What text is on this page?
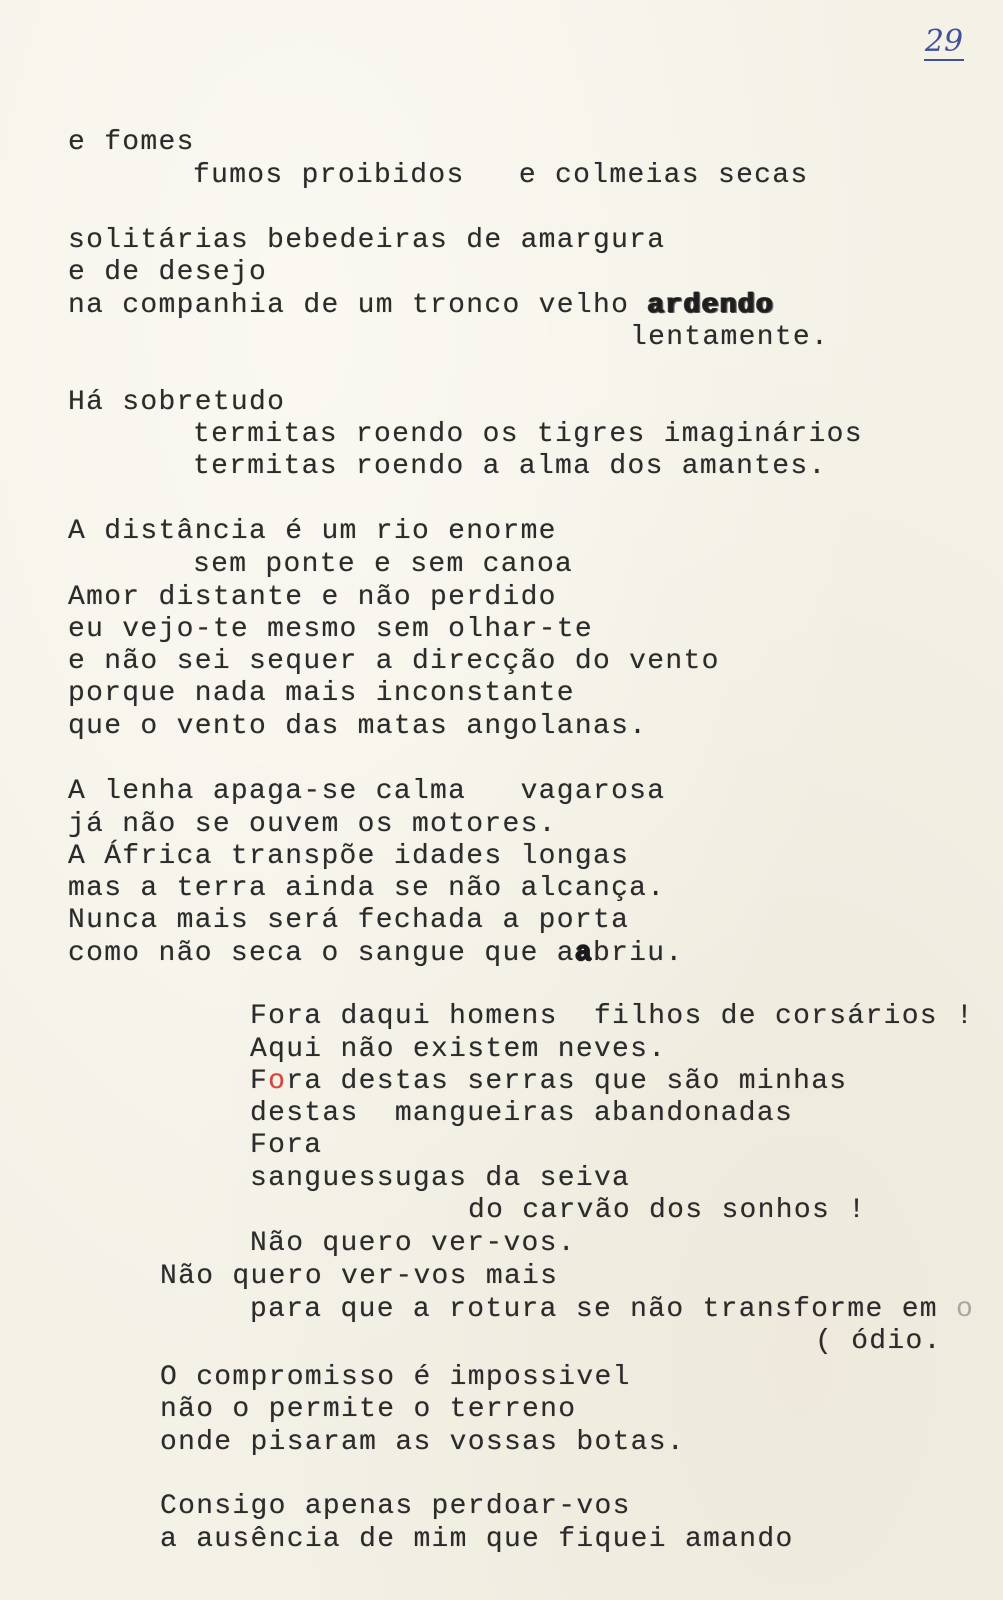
29
e fomes
fumos proibidos   e colmeias secas
solitárias bebedeiras de amargura
e de desejo
na companhia de um tronco velho ardendo
lentamente.
Há sobretudo
termitas roendo os tigres imaginários
termitas roendo a alma dos amantes.
A distância é um rio enorme
sem ponte e sem canoa
Amor distante e não perdido
eu vejo-te mesmo sem olhar-te
e não sei sequer a direcção do vento
porque nada mais inconstante
que o vento das matas angolanas.
A lenha apaga-se calma   vagarosa
já não se ouvem os motores.
A África transpõe idades longas
mas a terra ainda se não alcança.
Nunca mais será fechada a porta
como não seca o sangue que aabriu.
Fora daqui homens  filhos de corsários !
Aqui não existem neves.
Fora destas serras que são minhas
destas  mangueiras abandonadas
Fora
sanguessugas da seiva
do carvão dos sonhos !
Não quero ver-vos.
Não quero ver-vos mais
para que a rotura se não transforme em o
( ódio.
O compromisso é impossivel
não o permite o terreno
onde pisaram as vossas botas.
Consigo apenas perdoar-vos
a ausência de mim que fiquei amando
